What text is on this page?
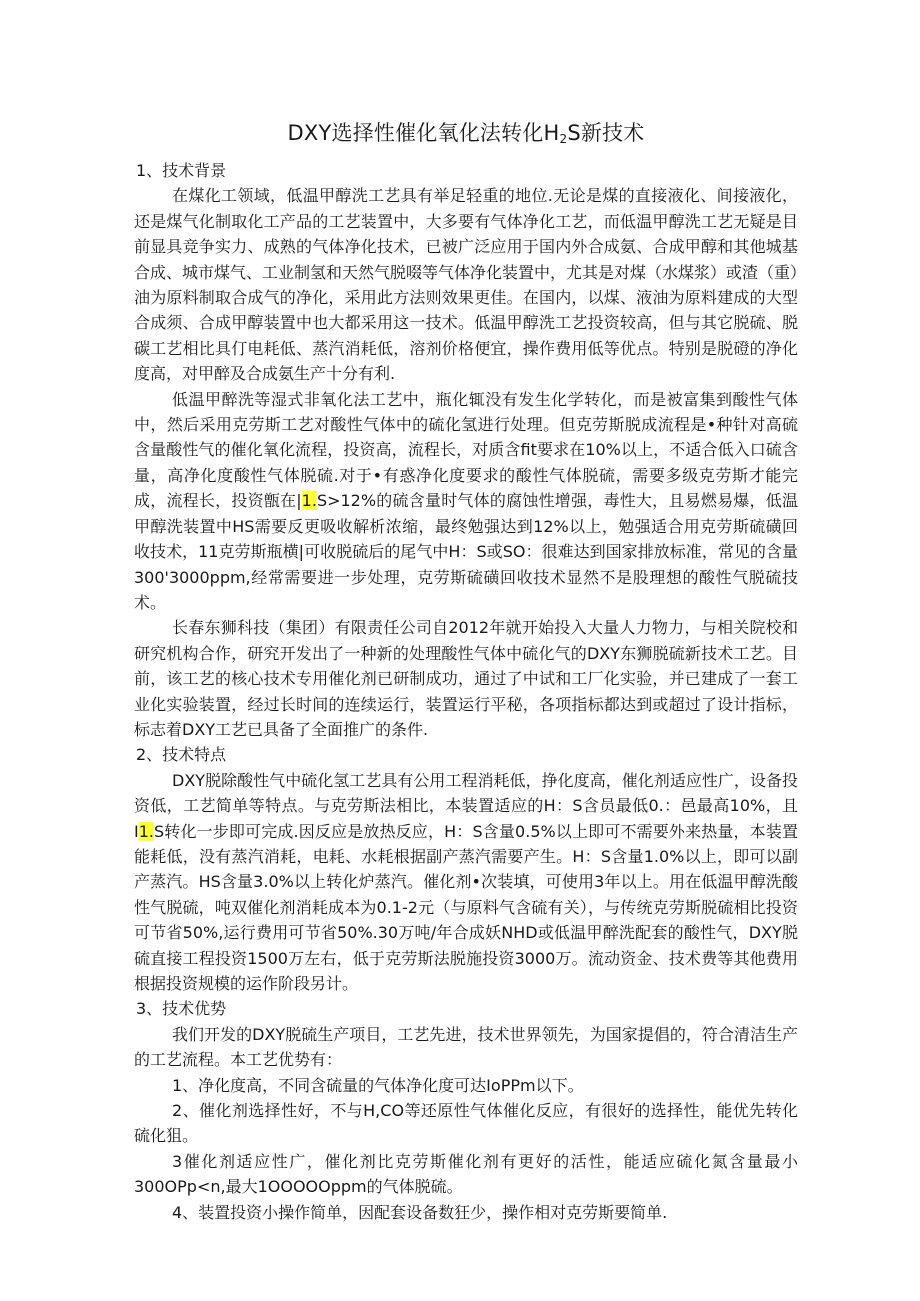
DXY选择性催化氧化法转化$H_2S$新技术

1、技术背景

在煤化工领域，低温甲醇洗工艺具有举足轻重的地位.无论是煤的直接液化、间接液化，还是煤气化制取化工产品的工艺装置中，大多要有气体净化工艺，而低温甲醇洗工艺无疑是目前显具竞争实力、成熟的气体净化技术，已被广泛应用于国内外合成氨、合成甲醇和其他城基合成、城市煤气、工业制氢和天然气脱啜等气体净化装置中，尤其是对煤（水煤浆）或渣（重）油为原料制取合成气的净化，采用此方法则效果更佳。在国内，以煤、液油为原料建成的大型合成须、合成甲醇装置中也大都采用这一技术。低温甲醇洗工艺投资较高，但与其它脱硫、脱碳工艺相比具仃电耗低、蒸汽消耗低，溶剂价格便宜，操作费用低等优点。特别是脱磴的净化度高，对甲醉及合成氨生产十分有利.

低温甲醉洗等湿式非氧化法工艺中，瓶化辄没有发生化学转化，而是被富集到酸性气体中，然后采用克劳斯工艺对酸性气体中的硫化氢进行处理。但克劳斯脱成流程是•种针对高硫含量酸性气的催化氧化流程，投资高，流程长，对质含fit要求在10%以上，不适合低入口硫含量，高净化度酸性气体脱硫.对于•有惑净化度要求的酸性气体脱硫，需要多级克劳斯才能完成，流程长，投资甑在|1.S>12%的硫含量时气体的腐蚀性增强，毒性大，且易燃易爆，低温甲醇洗装置中HS需要反更吸收解析浓缩，最终勉强达到12%以上，勉强适合用克劳斯硫磺回收技术，11克劳斯瓶横|可收脱硫后的尾气中H：S或SO：很难达到国家排放标准，常见的含量300'3000ppm,经常需要进一步处理，克劳斯硫磺回收技术显然不是股理想的酸性气脱硫技术。

长春东狮科技（集团）有限责任公司自2012年就开始投入大量人力物力，与相关院校和研究机构合作，研究开发出了一种新的处理酸性气体中硫化气的DXY东狮脱硫新技术工艺。目前，该工艺的核心技术专用催化剂已研制成功，通过了中试和工厂化实验，并已建成了一套工业化实验装置，经过长时间的连续运行，装置运行平秘，各项指标都达到或超过了设计指标，标志着DXY工艺已具备了全面推广的条件.

2、技术特点

DXY脱除酸性气中硫化氢工艺具有公用工程消耗低，挣化度高，催化剂适应性广，设备投资低，工艺简单等特点。与克劳斯法相比，本装置适应的H：S含员最低0.：邑最高10%，且I1.S转化一步即可完成.因反应是放热反应，H：S含量0.5%以上即可不需要外来热量，本装置能耗低，没有蒸汽消耗，电耗、水耗根据副产蒸汽需要产生。H：S含量1.0%以上，即可以副产蒸汽。HS含量3.0%以上转化炉蒸汽。催化剂•次装填，可使用3年以上。用在低温甲醇洗酸性气脱硫，吨双催化剂消耗成本为0.1-2元（与原料气含硫有关），与传统克劳斯脱硫相比投资可节省50%,运行费用可节省50%.30万吨/年合成妖NHD或低温甲醉洗配套的酸性气，DXY脱硫直接工程投资1500万左右，低于克劳斯法脱施投资3000万。流动资金、技术费等其他费用根据投资规模的运作阶段另计。

3、技术优势

我们开发的DXY脱硫生产项目，工艺先进，技术世界领先，为国家提倡的，符合清洁生产的工艺流程。本工艺优势有：

1、净化度高，不同含硫量的气体净化度可达IoPPm以下。

2、催化剂选择性好，不与H,CO等还原性气体催化反应，有很好的选择性，能优先转化硫化狙。

3催化剂适应性广，催化剂比克劳斯催化剂有更好的活性，能适应硫化氮含量最小300OPp<n,最大1OOOOOppm的气体脱硫。

4、装置投资小操作简单，因配套设备数狂少，操作相对克劳斯要简单.
